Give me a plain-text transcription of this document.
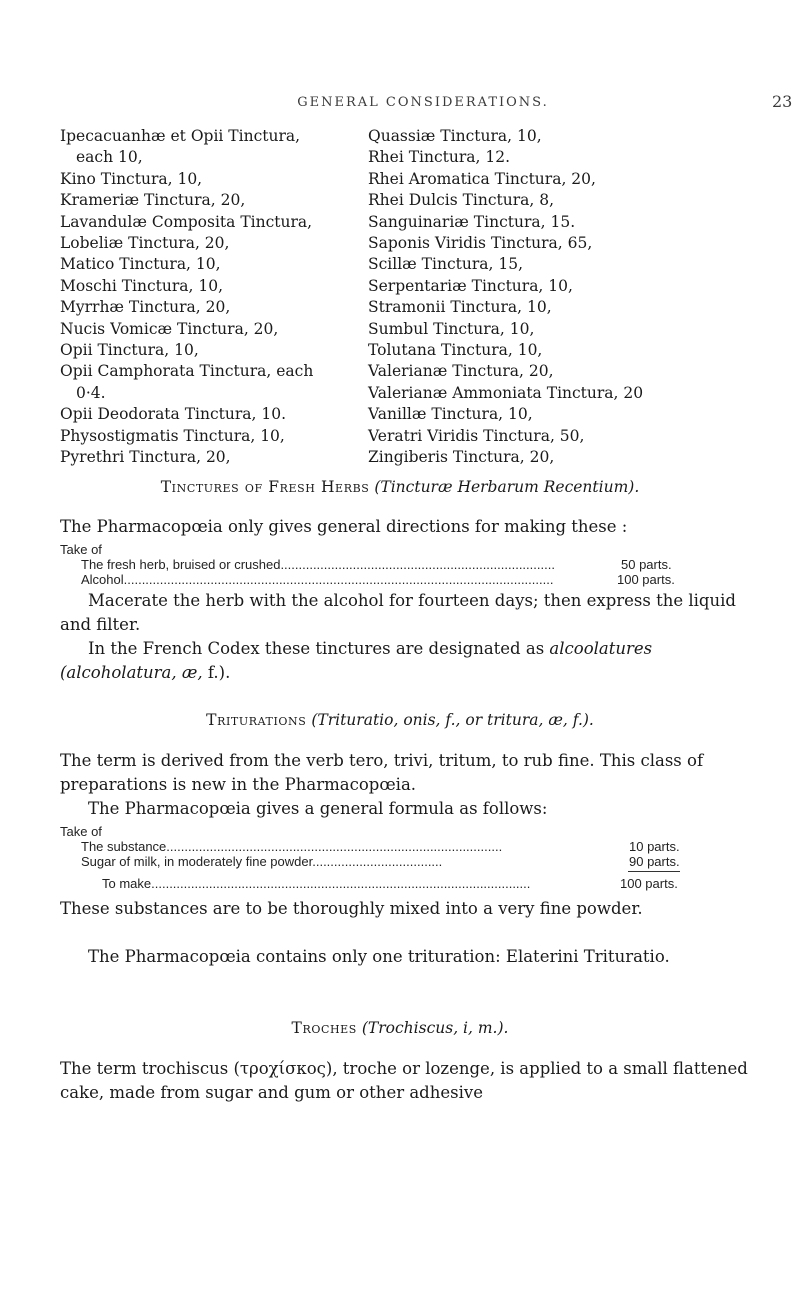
GENERAL CONSIDERATIONS.	23

Ipecacuanhæ et Opii Tinctura,

each 10,

Kino Tinctura, 10,

Krameriæ Tinctura, 20,

Lavandulæ Composita Tinctura,

Lobeliæ Tinctura, 20,

Matico Tinctura, 10,

Moschi Tinctura, 10,

Myrrhæ Tinctura, 20,

Nucis Vomicæ Tinctura, 20,

Opii Tinctura, 10,

Opii Camphorata Tinctura, each

0·4.

Opii Deodorata Tinctura, 10.

Physostigmatis Tinctura, 10,

Pyrethri Tinctura, 20,

Quassiæ Tinctura, 10,

Rhei Tinctura, 12.

Rhei Aromatica Tinctura, 20,

Rhei Dulcis Tinctura, 8,

Sanguinariæ Tinctura, 15.

Saponis Viridis Tinctura, 65,

Scillæ Tinctura, 15,

Serpentariæ Tinctura, 10,

Stramonii Tinctura, 10,

Sumbul Tinctura, 10,

Tolutana Tinctura, 10,

Valerianæ Tinctura, 20,

Valerianæ Ammoniata Tinctura, 20

Vanillæ Tinctura, 10,

Veratri Viridis Tinctura, 50,

Zingiberis Tinctura, 20,

Tinctures of Fresh Herbs (Tincturæ Herbarum Recentium).

The Pharmacopœia only gives general directions for making these :

Take of
The fresh herb, bruised or crushed............................................................................
Alcohol.......................................................................................................................
50 parts.
100 parts.

Macerate the herb with the alcohol for fourteen days; then express the liquid and filter.

In the French Codex these tinctures are designated as alcoolatures
(alcoholatura, æ, f.).

Triturations (Trituratio, onis, f., or tritura, æ, f.).

The term is derived from the verb tero, trivi, tritum, to rub fine. This class of preparations is new in the Pharmacopœia.

The Pharmacopœia gives a general formula as follows:

Take of
The substance.............................................................................................
Sugar of milk, in moderately fine powder....................................
10 parts.
90 parts.
To make.........................................................................................................	100 parts.

These substances are to be thoroughly mixed into a very fine powder.

The Pharmacopœia contains only one trituration: Elaterini Trituratio.

Troches (Trochiscus, i, m.).

The term trochiscus (τροχίσκος), troche or lozenge, is applied to a small flattened cake, made from sugar and gum or other adhesive
